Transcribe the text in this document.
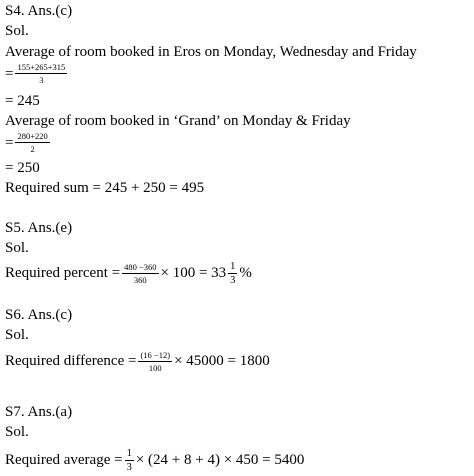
S4. Ans.(c)
Sol.
Average of room booked in Eros on Monday, Wednesday and Friday
= $\frac{155+265+315}{3}$
= 245
Average of room booked in ‘Grand’ on Monday & Friday
= $\frac{280+220}{2}$
= 250
Required sum = 245 + 250 = 495
S5. Ans.(e)
Sol.
Required percent = $\frac{480 -360}{360} \times 100 = 33 \frac{1}{3}$ %
S6. Ans.(c)
Sol.
Required difference = $\frac{(16 -12)}{100} \times 45000 = 1800$
S7. Ans.(a)
Sol.
Required average = $\frac{1}{3} \times (24 + 8 + 4) \times 450 = 5400$
